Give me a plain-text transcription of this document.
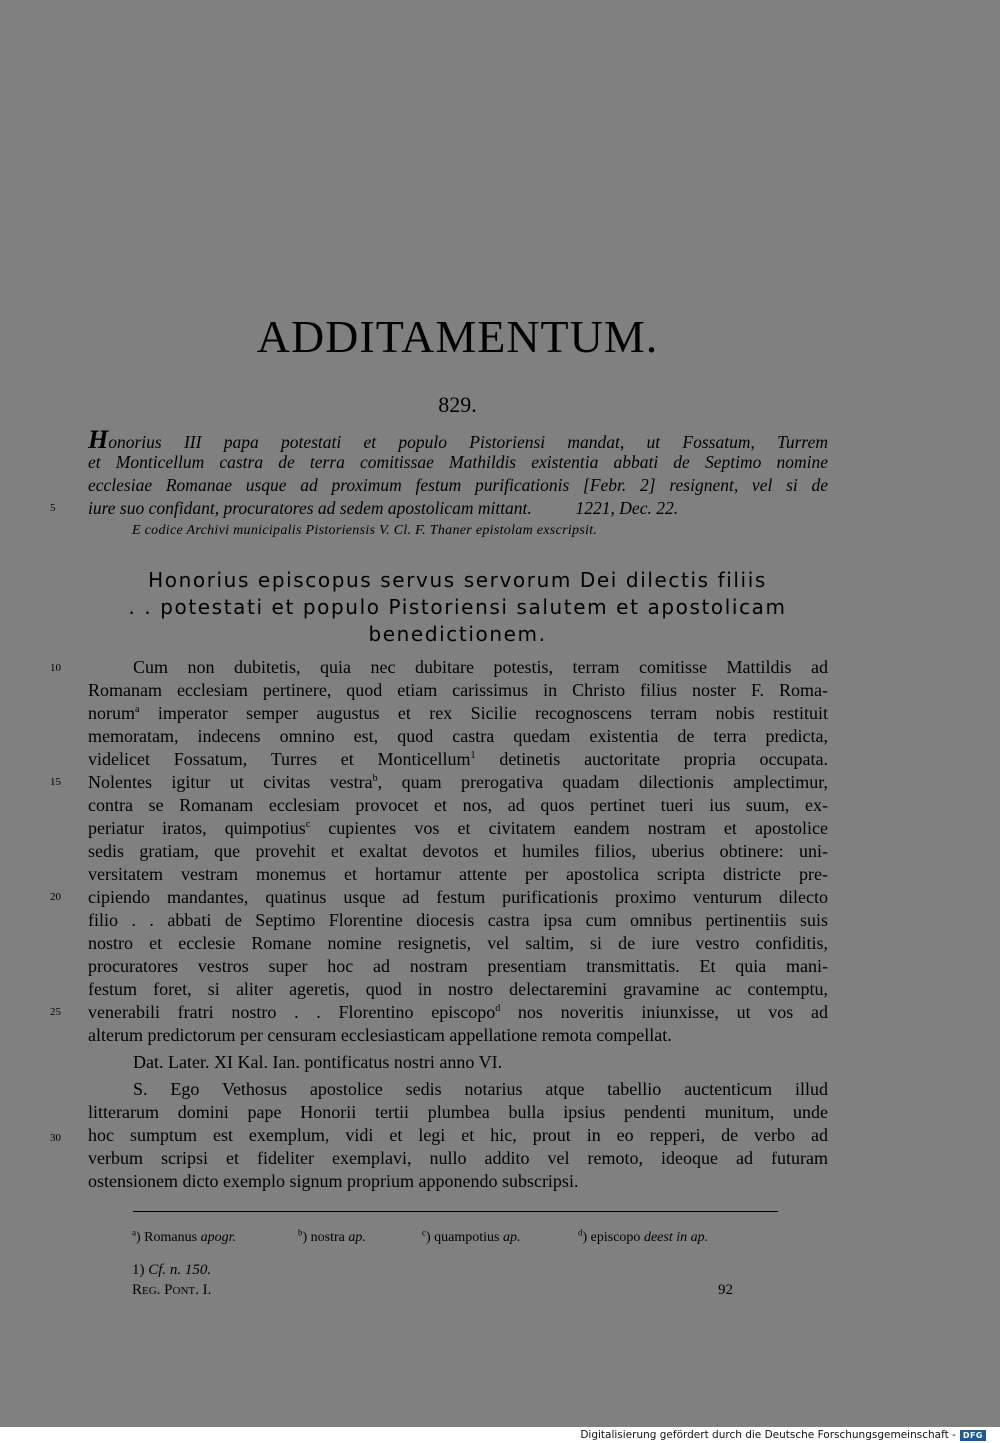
ADDITAMENTUM.
829.
Honorius III papa potestati et populo Pistoriensi mandat, ut Fossatum, Turrem
et Monticellum castra de terra comitissae Mathildis existentia abbati de Septimo nomine
ecclesiae Romanae usque ad proximum festum purificationis [Febr. 2] resignent, vel si de
iure suo confidant, procuratores ad sedem apostolicam mittant.          1221, Dec. 22.
E codice Archivi municipalis Pistoriensis V. Cl. F. Thaner epistolam exscripsit.
Honorius episcopus servus servorum Dei dilectis filiis
. . potestati et populo Pistoriensi salutem et apostolicam
benedictionem.
5
10
15
20
25
30
Cum non dubitetis, quia nec dubitare potestis, terram comitisse Mattildis ad
Romanam ecclesiam pertinere, quod etiam carissimus in Christo filius noster F. Roma-
norum$^a$ imperator semper augustus et rex Sicilie recognoscens terram nobis restituit
memoratam, indecens omnino est, quod castra quedam existentia de terra predicta,
videlicet Fossatum, Turres et Monticellum$^1$ detinetis auctoritate propria occupata.
Nolentes igitur ut civitas vestra$^b$, quam prerogativa quadam dilectionis amplectimur,
contra se Romanam ecclesiam provocet et nos, ad quos pertinet tueri ius suum, ex-
periatur iratos, quimpotius$^c$ cupientes vos et civitatem eandem nostram et apostolice
sedis gratiam, que provehit et exaltat devotos et humiles filios, uberius obtinere: uni-
versitatem vestram monemus et hortamur attente per apostolica scripta districte pre-
cipiendo mandantes, quatinus usque ad festum purificationis proximo venturum dilecto
filio . . abbati de Septimo Florentine diocesis castra ipsa cum omnibus pertinentiis suis
nostro et ecclesie Romane nomine resignetis, vel saltim, si de iure vestro confiditis,
procuratores vestros super hoc ad nostram presentiam transmittatis. Et quia mani-
festum foret, si aliter ageretis, quod in nostro delectaremini gravamine ac contemptu,
venerabili fratri nostro . . Florentino episcopo$^d$ nos noveritis iniunxisse, ut vos ad
alterum predictorum per censuram ecclesiasticam appellatione remota compellat.
Dat. Later. XI Kal. Ian. pontificatus nostri anno VI.
S. Ego Vethosus apostolice sedis notarius atque tabellio auctenticum illud
litterarum domini pape Honorii tertii plumbea bulla ipsius pendenti munitum, unde
hoc sumptum est exemplum, vidi et legi et hic, prout in eo repperi, de verbo ad
verbum scripsi et fideliter exemplavi, nullo addito vel remoto, ideoque ad futuram
ostensionem dicto exemplo signum proprium apponendo subscripsi.
$^a$) Romanus apogr.	$^b$) nostra ap.	$^c$) quampotius ap.	$^d$) episcopo deest in ap.
1) Cf. n. 150.
Reg. Pont. I.	92
Digitalisierung gefördert durch die Deutsche Forschungsgemeinschaft - DFG
